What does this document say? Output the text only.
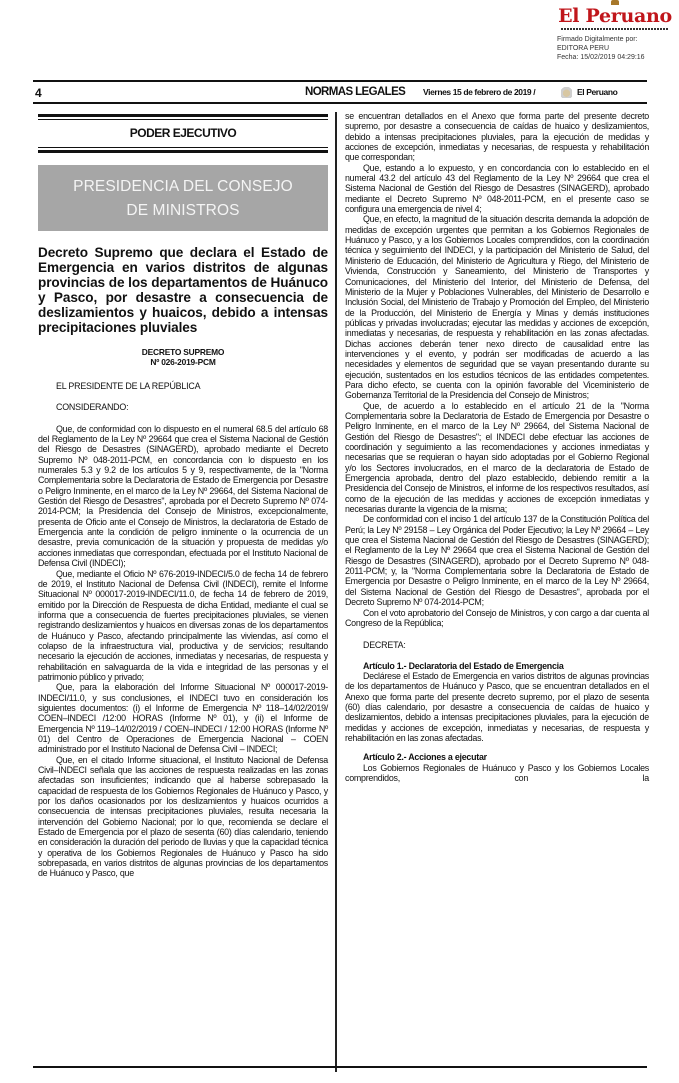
El Peruano
Firmado Digitalmente por:
EDITORA PERU
Fecha: 15/02/2019 04:29:16
4	NORMAS LEGALES Viernes 15 de febrero de 2019 /	El Peruano
PODER EJECUTIVO
PRESIDENCIA DEL CONSEJO
DE MINISTROS
Decreto Supremo que declara el Estado de Emergencia en varios distritos de algunas provincias de los departamentos de Huánuco y Pasco, por desastre a consecuencia de deslizamientos y huaicos, debido a intensas precipitaciones pluviales
DECRETO SUPREMO
Nº 026-2019-PCM

EL PRESIDENTE DE LA REPÚBLICA

CONSIDERANDO:

Que, de conformidad con lo dispuesto en el numeral 68.5 del artículo 68 del Reglamento de la Ley Nº 29664 que crea el Sistema Nacional de Gestión del Riesgo de Desastres (SINAGERD), aprobado mediante el Decreto Supremo Nº 048-2011-PCM, en concordancia con lo dispuesto en los numerales 5.3 y 9.2 de los artículos 5 y 9, respectivamente, de la "Norma Complementaria sobre la Declaratoria de Estado de Emergencia por Desastre o Peligro Inminente, en el marco de la Ley Nº 29664, del Sistema Nacional de Gestión del Riesgo de Desastres", aprobada por el Decreto Supremo Nº 074-2014-PCM; la Presidencia del Consejo de Ministros, excepcionalmente, presenta de Oficio ante el Consejo de Ministros, la declaratoria de Estado de Emergencia ante la condición de peligro inminente o la ocurrencia de un desastre, previa comunicación de la situación y propuesta de medidas y/o acciones inmediatas que correspondan, efectuada por el Instituto Nacional de Defensa Civil (INDECI);

Que, mediante el Oficio Nº 676-2019-INDECI/5.0 de fecha 14 de febrero de 2019, el Instituto Nacional de Defensa Civil (INDECI), remite el Informe Situacional Nº 000017-2019-INDECI/11.0, de fecha 14 de febrero de 2019, emitido por la Dirección de Respuesta de dicha Entidad, mediante el cual se informa que a consecuencia de fuertes precipitaciones pluviales, se vienen registrando deslizamientos y huaicos en diversas zonas de los departamentos de Huánuco y Pasco, afectando principalmente las viviendas, así como el colapso de la infraestructura vial, productiva y de servicios; resultando necesario la ejecución de acciones, inmediatas y necesarias, de respuesta y rehabilitación en salvaguarda de la vida e integridad de las personas y el patrimonio público y privado;

Que, para la elaboración del Informe Situacional Nº 000017-2019-INDECI/11.0, y sus conclusiones, el INDECI tuvo en consideración los siguientes documentos: (i) el Informe de Emergencia Nº 118–14/02/2019/ COEN–INDECI /12:00 HORAS (Informe Nº 01), y (ii) el Informe de Emergencia Nº 119–14/02/2019 / COEN–INDECI / 12:00 HORAS (Informe Nº 01) del Centro de Operaciones de Emergencia Nacional – COEN administrado por el Instituto Nacional de Defensa Civil – INDECI;

Que, en el citado Informe situacional, el Instituto Nacional de Defensa Civil–INDECI señala que las acciones de respuesta realizadas en las zonas afectadas son insuficientes; indicando que al haberse sobrepasado la capacidad de respuesta de los Gobiernos Regionales de Huánuco y Pasco, y por los daños ocasionados por los deslizamientos y huaicos ocurridos a consecuencia de intensas precipitaciones pluviales, resulta necesaria la intervención del Gobierno Nacional; por lo que, recomienda se declare el Estado de Emergencia por el plazo de sesenta (60) días calendario, teniendo en consideración la duración del periodo de lluvias y que la capacidad técnica y operativa de los Gobiernos Regionales de Huánuco y Pasco ha sido sobrepasada, en varios distritos de algunas provincias de los departamentos de Huánuco y Pasco, que

se encuentran detallados en el Anexo que forma parte del presente decreto supremo, por desastre a consecuencia de caídas de huaico y deslizamientos, debido a intensas precipitaciones pluviales, para la ejecución de medidas y acciones de excepción, inmediatas y necesarias, de respuesta y rehabilitación que correspondan;

Que, estando a lo expuesto, y en concordancia con lo establecido en el numeral 43.2 del artículo 43 del Reglamento de la Ley Nº 29664 que crea el Sistema Nacional de Gestión del Riesgo de Desastres (SINAGERD), aprobado mediante el Decreto Supremo Nº 048-2011-PCM, en el presente caso se configura una emergencia de nivel 4;

Que, en efecto, la magnitud de la situación descrita demanda la adopción de medidas de excepción urgentes que permitan a los Gobiernos Regionales de Huánuco y Pasco, y a los Gobiernos Locales comprendidos, con la coordinación técnica y seguimiento del INDECI, y la participación del Ministerio de Salud, del Ministerio de Educación, del Ministerio de Agricultura y Riego, del Ministerio de Vivienda, Construcción y Saneamiento, del Ministerio de Transportes y Comunicaciones, del Ministerio del Interior, del Ministerio de Defensa, del Ministerio de la Mujer y Poblaciones Vulnerables, del Ministerio de Desarrollo e Inclusión Social, del Ministerio de Trabajo y Promoción del Empleo, del Ministerio de la Producción, del Ministerio de Energía y Minas y demás instituciones públicas y privadas involucradas; ejecutar las medidas y acciones de excepción, inmediatas y necesarias, de respuesta y rehabilitación en las zonas afectadas. Dichas acciones deberán tener nexo directo de causalidad entre las intervenciones y el evento, y podrán ser modificadas de acuerdo a las necesidades y elementos de seguridad que se vayan presentando durante su ejecución, sustentados en los estudios técnicos de las entidades competentes. Para dicho efecto, se cuenta con la opinión favorable del Viceministerio de Gobernanza Territorial de la Presidencia del Consejo de Ministros;

Que, de acuerdo a lo establecido en el artículo 21 de la "Norma Complementaria sobre la Declaratoria de Estado de Emergencia por Desastre o Peligro Inminente, en el marco de la Ley Nº 29664, del Sistema Nacional de Gestión del Riesgo de Desastres"; el INDECI debe efectuar las acciones de coordinación y seguimiento a las recomendaciones y acciones inmediatas y necesarias que se requieran o hayan sido adoptadas por el Gobierno Regional y/o los Sectores involucrados, en el marco de la declaratoria de Estado de Emergencia aprobada, dentro del plazo establecido, debiendo remitir a la Presidencia del Consejo de Ministros, el informe de los respectivos resultados, así como de la ejecución de las medidas y acciones de excepción inmediatas y necesarias durante la vigencia de la misma;

De conformidad con el inciso 1 del artículo 137 de la Constitución Política del Perú; la Ley Nº 29158 – Ley Orgánica del Poder Ejecutivo; la Ley Nº 29664 – Ley que crea el Sistema Nacional de Gestión del Riesgo de Desastres (SINAGERD); el Reglamento de la Ley Nº 29664 que crea el Sistema Nacional de Gestión del Riesgo de Desastres (SINAGERD), aprobado por el Decreto Supremo Nº 048-2011-PCM; y, la "Norma Complementaria sobre la Declaratoria de Estado de Emergencia por Desastre o Peligro Inminente, en el marco de la Ley Nº 29664, del Sistema Nacional de Gestión del Riesgo de Desastres", aprobada por el Decreto Supremo Nº 074-2014-PCM;

Con el voto aprobatorio del Consejo de Ministros, y con cargo a dar cuenta al Congreso de la República;

DECRETA:

Artículo 1.- Declaratoria del Estado de Emergencia

Declárese el Estado de Emergencia en varios distritos de algunas provincias de los departamentos de Huánuco y Pasco, que se encuentran detallados en el Anexo que forma parte del presente decreto supremo, por el plazo de sesenta (60) días calendario, por desastre a consecuencia de caídas de huaico y deslizamientos, debido a intensas precipitaciones pluviales, para la ejecución de medidas y acciones de excepción, inmediatas y necesarias, de respuesta y rehabilitación en las zonas afectadas.

Artículo 2.- Acciones a ejecutar

Los Gobiernos Regionales de Huánuco y Pasco y los Gobiernos Locales comprendidos, con la
